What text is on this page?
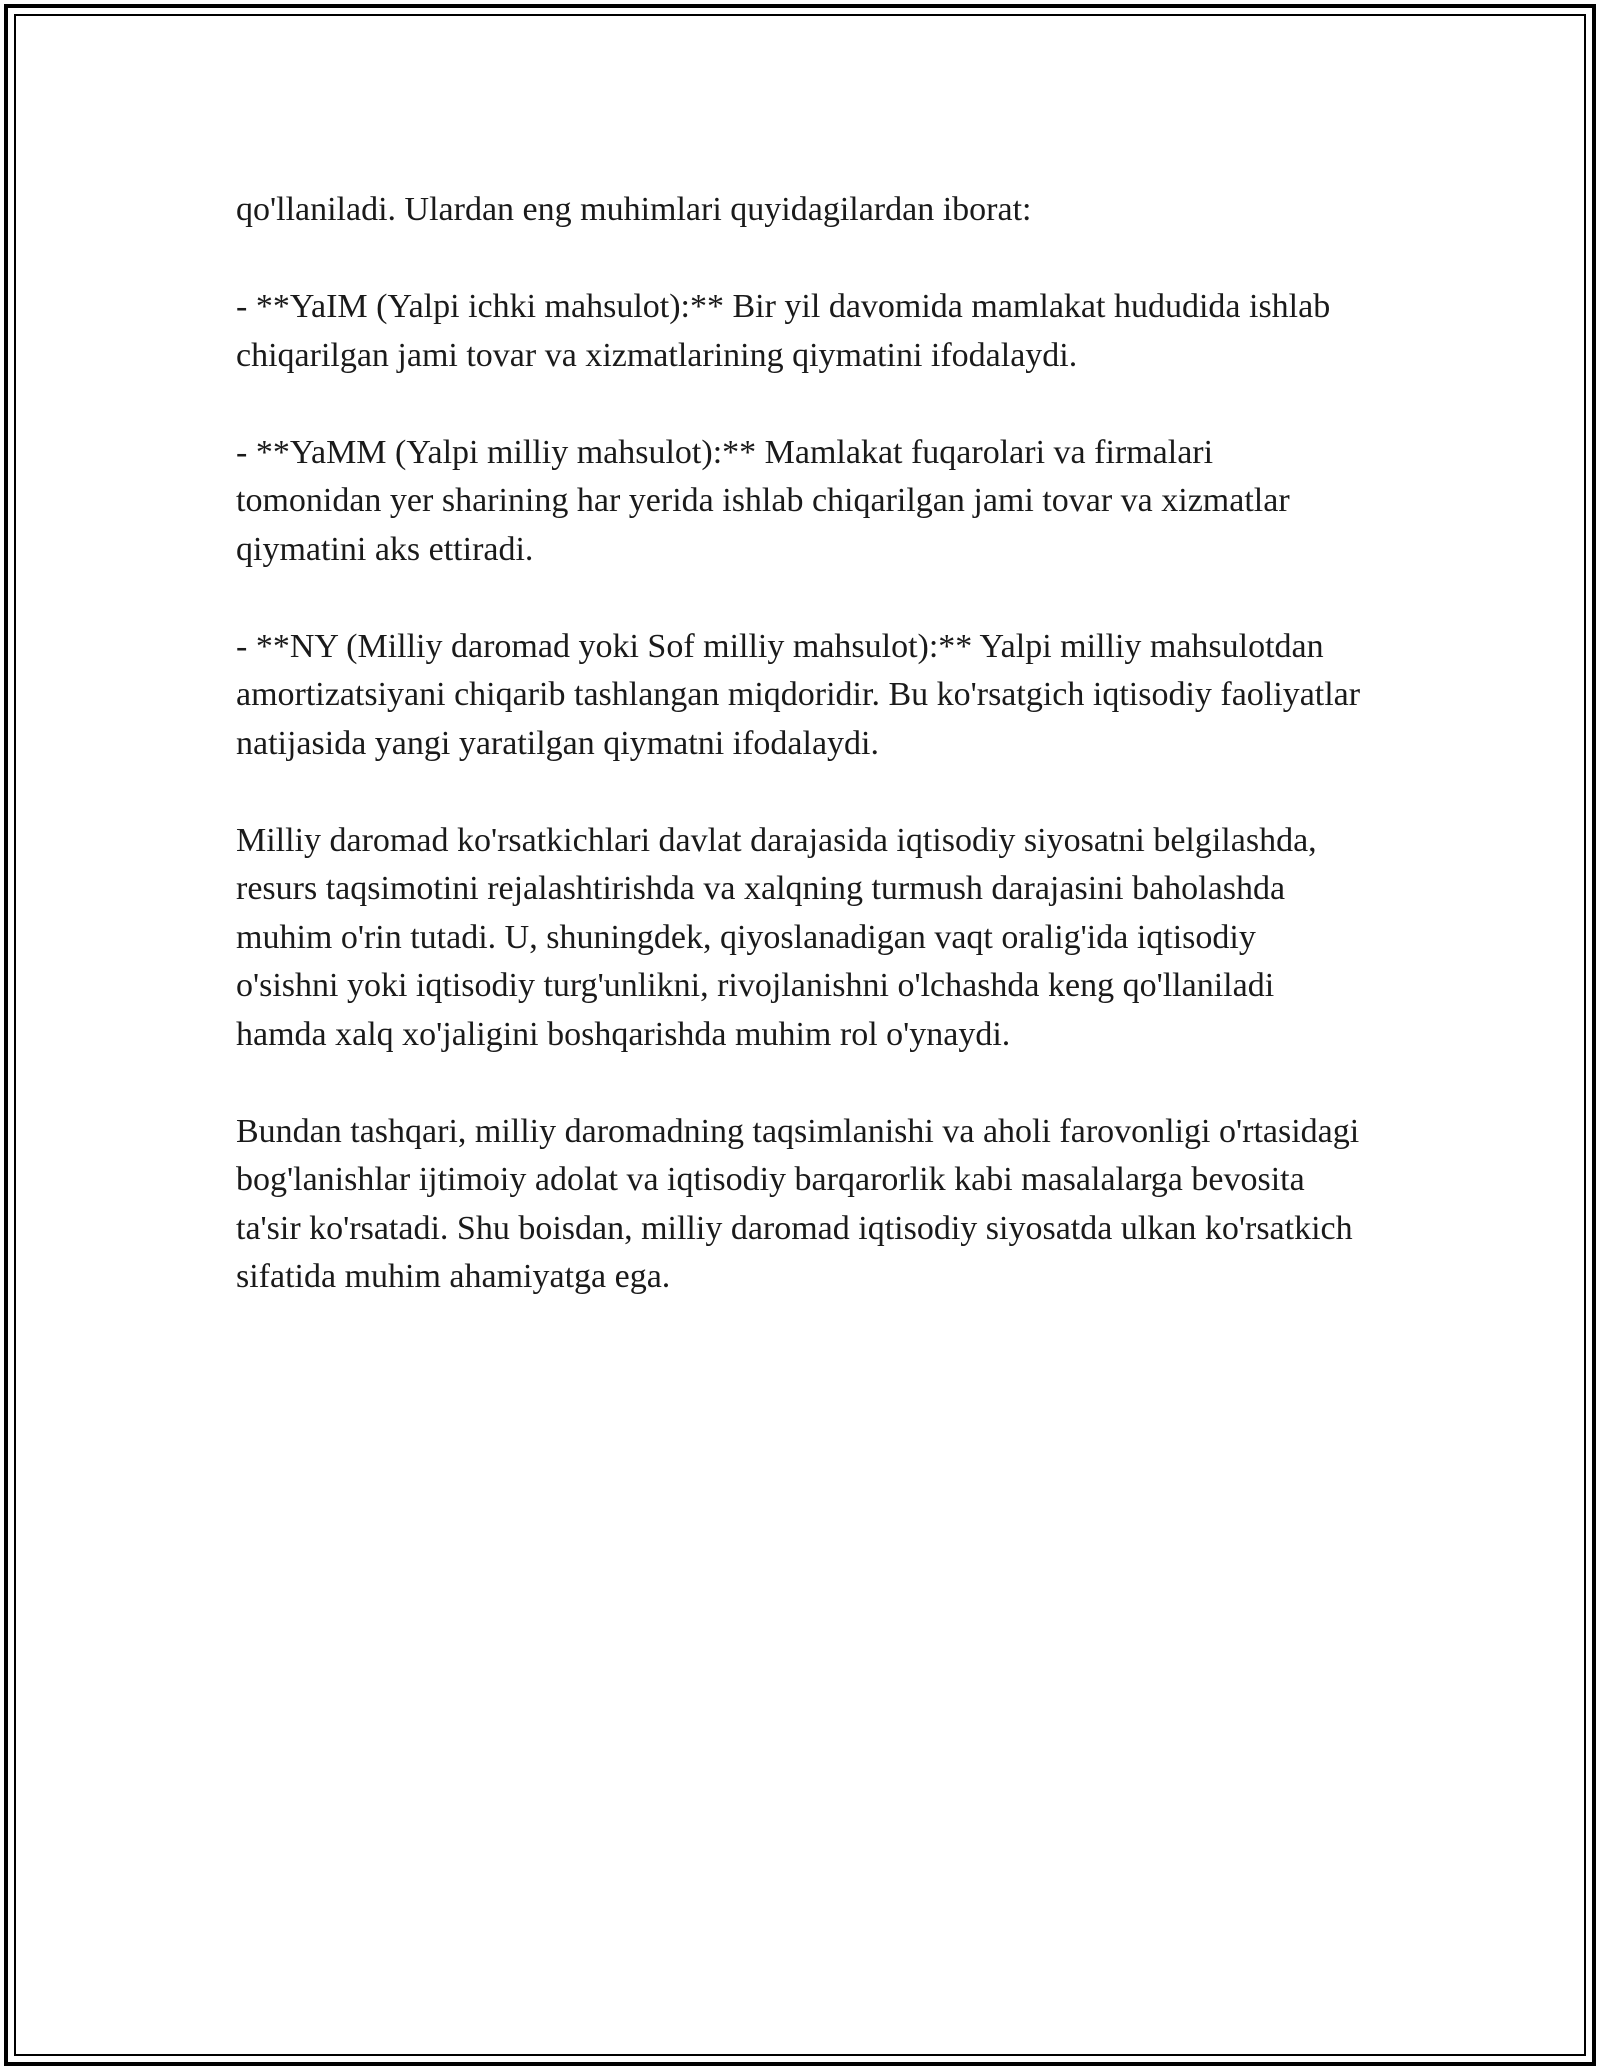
qo'llaniladi. Ulardan eng muhimlari quyidagilardan iborat:

- **YaIM (Yalpi ichki mahsulot):** Bir yil davomida mamlakat hududida ishlab chiqarilgan jami tovar va xizmatlarining qiymatini ifodalaydi.

- **YaMM (Yalpi milliy mahsulot):** Mamlakat fuqarolari va firmalari tomonidan yer sharining har yerida ishlab chiqarilgan jami tovar va xizmatlar qiymatini aks ettiradi.

- **NY (Milliy daromad yoki Sof milliy mahsulot):** Yalpi milliy mahsulotdan amortizatsiyani chiqarib tashlangan miqdoridir. Bu ko'rsatgich iqtisodiy faoliyatlar natijasida yangi yaratilgan qiymatni ifodalaydi.

Milliy daromad ko'rsatkichlari davlat darajasida iqtisodiy siyosatni belgilashda, resurs taqsimotini rejalashtirishda va xalqning turmush darajasini baholashda muhim o'rin tutadi. U, shuningdek, qiyoslanadigan vaqt oralig'ida iqtisodiy o'sishni yoki iqtisodiy turg'unlikni, rivojlanishni o'lchashda keng qo'llaniladi hamda xalq xo'jaligini boshqarishda muhim rol o'ynaydi.

Bundan tashqari, milliy daromadning taqsimlanishi va aholi farovonligi o'rtasidagi bog'lanishlar ijtimoiy adolat va iqtisodiy barqarorlik kabi masalalarga bevosita ta'sir ko'rsatadi. Shu boisdan, milliy daromad iqtisodiy siyosatda ulkan ko'rsatkich sifatida muhim ahamiyatga ega.
